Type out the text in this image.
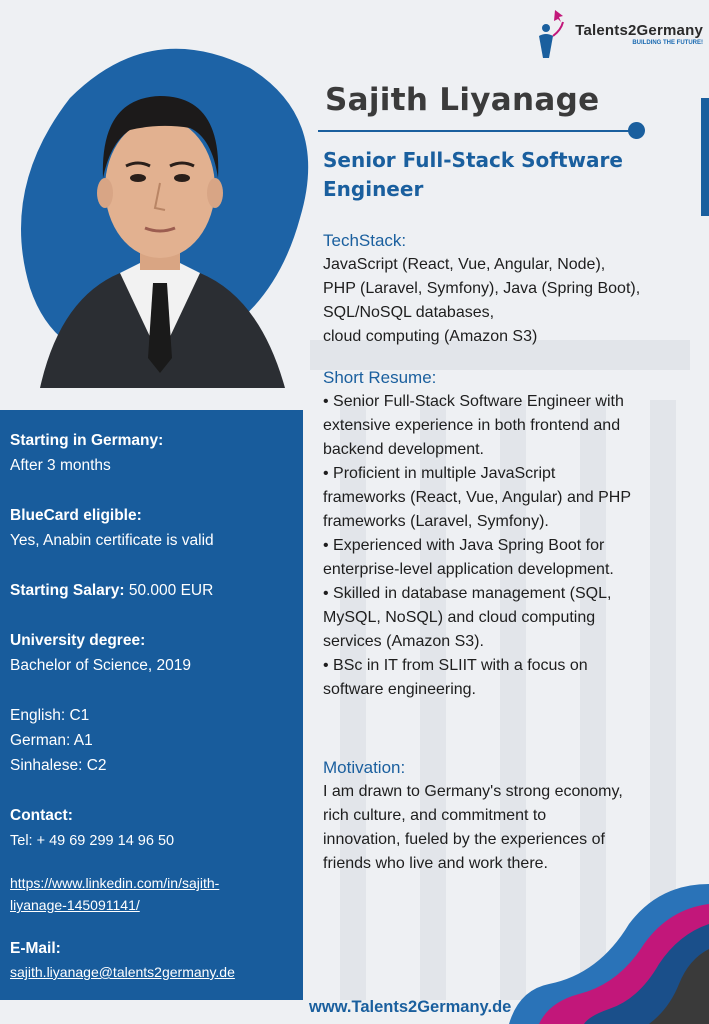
Talents2Germany
BUILDING THE FUTURE!
Sajith Liyanage
Senior Full-Stack Software
Engineer
TechStack:
JavaScript (React, Vue, Angular, Node),
PHP (Laravel, Symfony), Java (Spring Boot),
SQL/NoSQL databases,
cloud computing (Amazon S3)
Short Resume:
• Senior Full-Stack Software Engineer with
extensive experience in both frontend and
backend development.
• Proficient in multiple JavaScript
frameworks (React, Vue, Angular) and PHP
frameworks (Laravel, Symfony).
• Experienced with Java Spring Boot for
enterprise-level application development.
• Skilled in database management (SQL,
MySQL, NoSQL) and cloud computing
services (Amazon S3).
• BSc in IT from SLIIT with a focus on
software engineering.
Motivation:
I am drawn to Germany's strong economy,
rich culture, and commitment to
innovation, fueled by the experiences of
friends who live and work there.
Starting in Germany:
After 3 months
BlueCard eligible:
Yes, Anabin certificate is valid
Starting Salary: 50.000 EUR
University degree:
Bachelor of Science, 2019
English: C1
German: A1
Sinhalese: C2
Contact:
Tel: + 49 69 299 14 96 50
https://www.linkedin.com/in/sajith-
liyanage-145091141/
E-Mail:
sajith.liyanage@talents2germany.de
www.Talents2Germany.de
